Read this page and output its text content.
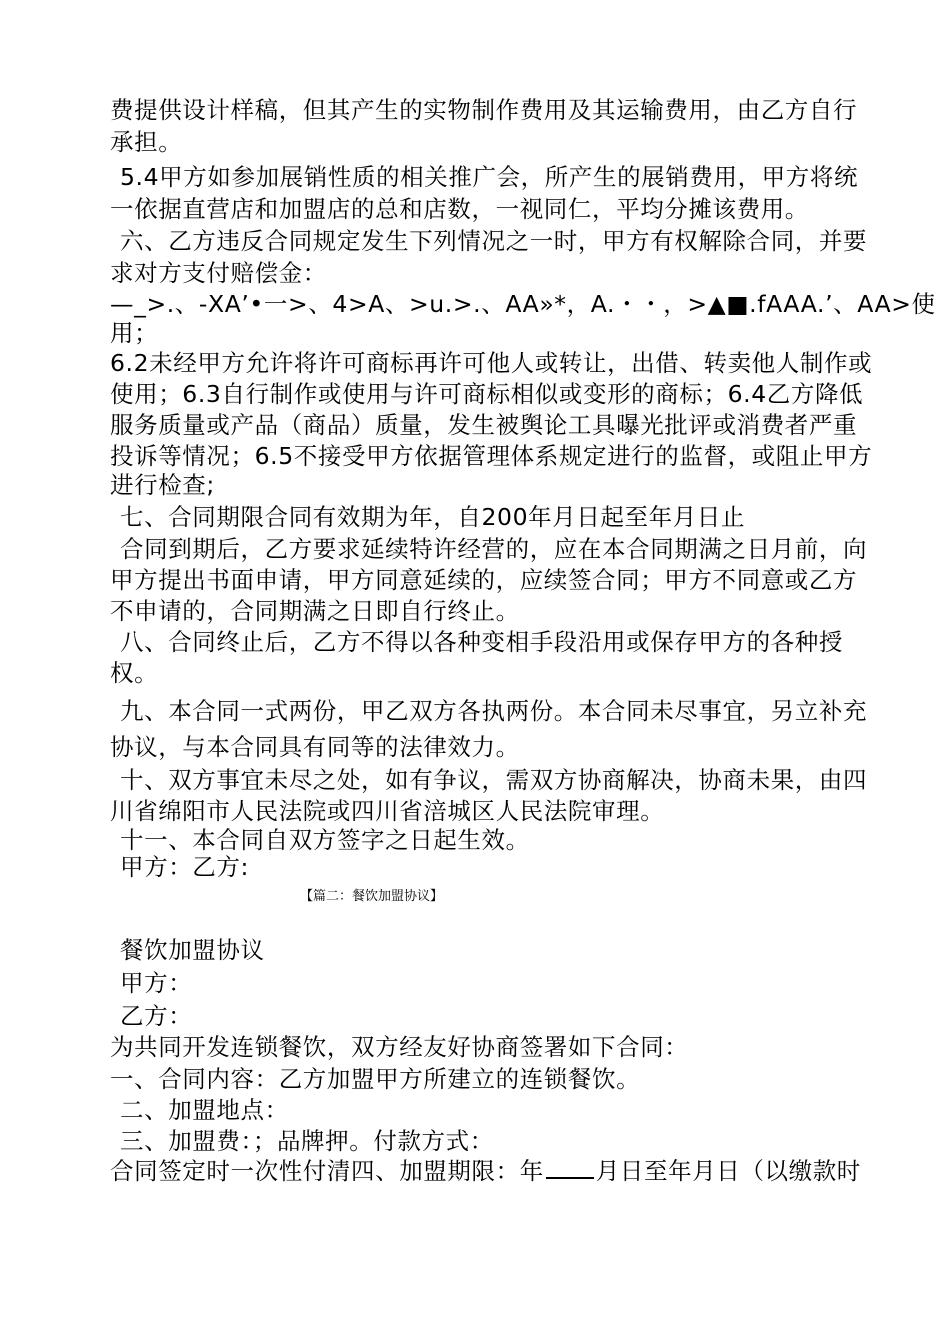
费提供设计样稿，但其产生的实物制作费用及其运输费用，由乙方自行
承担。
5.4甲方如参加展销性质的相关推广会，所产生的展销费用，甲方将统
一依据直营店和加盟店的总和店数，一视同仁，平均分摊该费用。
六、乙方违反合同规定发生下列情况之一时，甲方有权解除合同，并要
求对方支付赔偿金：
—_>.、-XA’•一>、4>A、>u.>.、AA»*，A.・・，>▲■.fAAA.’、AA>使
用；
6.2未经甲方允许将许可商标再许可他人或转让，出借、转卖他人制作或
使用；6.3自行制作或使用与许可商标相似或变形的商标；6.4乙方降低
服务质量或产品（商品）质量，发生被舆论工具曝光批评或消费者严重
投诉等情况；6.5不接受甲方依据管理体系规定进行的监督，或阻止甲方
进行检查;
七、合同期限合同有效期为年，自200年月日起至年月日止
合同到期后，乙方要求延续特许经营的，应在本合同期满之日月前，向
甲方提出书面申请，甲方同意延续的，应续签合同；甲方不同意或乙方
不申请的，合同期满之日即自行终止。
八、合同终止后，乙方不得以各种变相手段沿用或保存甲方的各种授
权。
九、本合同一式两份，甲乙双方各执两份。本合同未尽事宜，另立补充
协议，与本合同具有同等的法律效力。
十、双方事宜未尽之处，如有争议，需双方协商解决，协商未果，由四
川省绵阳市人民法院或四川省涪城区人民法院审理。
十一、本合同自双方签字之日起生效。
甲方：乙方:
【篇二：餐饮加盟协议】
餐饮加盟协议
甲方：
乙方：
为共同开发连锁餐饮，双方经友好协商签署如下合同：
一、合同内容：乙方加盟甲方所建立的连锁餐饮。
二、加盟地点：
三、加盟费：；品牌押。付款方式：
合同签定时一次性付清四、加盟期限：年 月日至年月日（以缴款时
